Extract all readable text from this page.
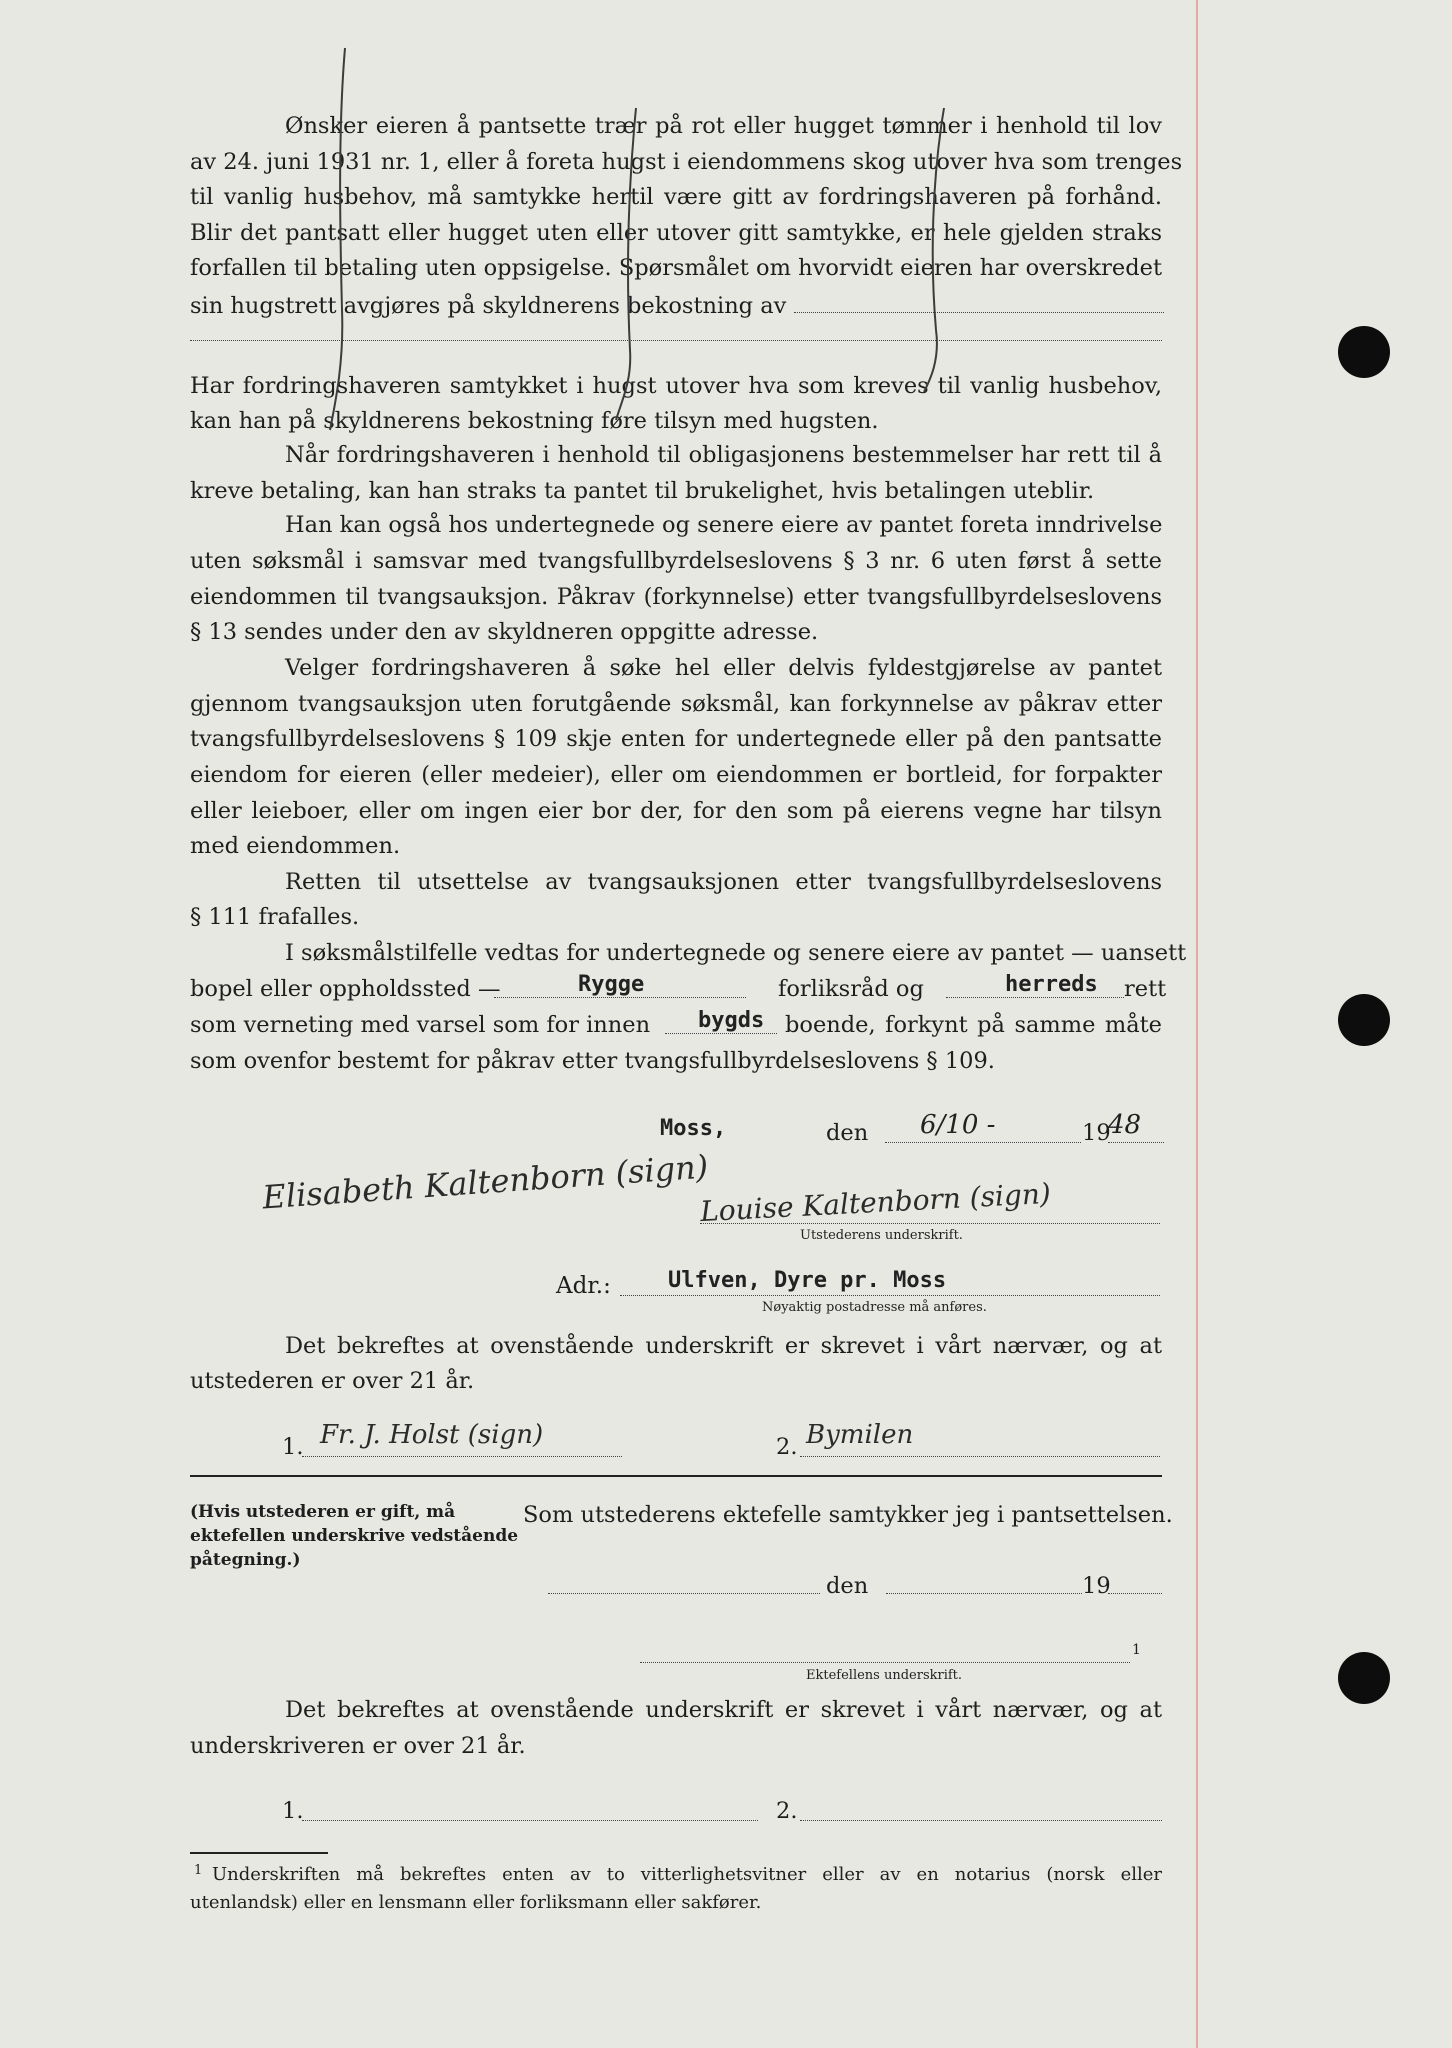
Ønsker eieren å pantsette trær på rot eller hugget tømmer i henhold til lov
av 24. juni 1931 nr. 1, eller å foreta hugst i eiendommens skog utover hva som trenges
til vanlig husbehov, må samtykke hertil være gitt av fordringshaveren på forhånd.
Blir det pantsatt eller hugget uten eller utover gitt samtykke, er hele gjelden straks
forfallen til betaling uten oppsigelse. Spørsmålet om hvorvidt eieren har overskredet
sin hugstrett avgjøres på skyldnerens bekostning av
Har fordringshaveren samtykket i hugst utover hva som kreves til vanlig husbehov,
kan han på skyldnerens bekostning føre tilsyn med hugsten.
Når fordringshaveren i henhold til obligasjonens bestemmelser har rett til å
kreve betaling, kan han straks ta pantet til brukelighet, hvis betalingen uteblir.
Han kan også hos undertegnede og senere eiere av pantet foreta inndrivelse
uten søksmål i samsvar med tvangsfullbyrdelseslovens § 3 nr. 6 uten først å sette
eiendommen til tvangsauksjon. Påkrav (forkynnelse) etter tvangsfullbyrdelseslovens
§ 13 sendes under den av skyldneren oppgitte adresse.
Velger fordringshaveren å søke hel eller delvis fyldestgjørelse av pantet
gjennom tvangsauksjon uten forutgående søksmål, kan forkynnelse av påkrav etter
tvangsfullbyrdelseslovens § 109 skje enten for undertegnede eller på den pantsatte
eiendom for eieren (eller medeier), eller om eiendommen er bortleid, for forpakter
eller leieboer, eller om ingen eier bor der, for den som på eierens vegne har tilsyn
med eiendommen.
Retten til utsettelse av tvangsauksjonen etter tvangsfullbyrdelseslovens
§ 111 frafalles.
I søksmålstilfelle vedtas for undertegnede og senere eiere av pantet — uansett
bopel eller oppholdssted —	Rygge	forliksråd og	herreds rett
som verneting med varsel som for innen bygds boende, forkynt på samme måte
som ovenfor bestemt for påkrav etter tvangsfullbyrdelseslovens § 109.
Moss,	den 6/10 -	19
48
Elisabeth Kaltenborn (sign)
Louise Kaltenborn (sign)
Utstederens underskrift.
Adr.:	Ulfven, Dyre pr. Moss
Nøyaktig postadresse må anføres.
Det bekreftes at ovenstående underskrift er skrevet i vårt nærvær, og at
utstederen er over 21 år.
1. Fr. J. Holst (sign)	2. Bymilen
(Hvis utstederen er gift, må ektefellen underskrive vedstående påtegning.)
Som utstederens ektefelle samtykker jeg i pantsettelsen.
den	19
1
Ektefellens underskrift.
Det bekreftes at ovenstående underskrift er skrevet i vårt nærvær, og at
underskriveren er over 21 år.
1.	2.
1 Underskriften må bekreftes enten av to vitterlighetsvitner eller av en notarius (norsk eller
utenlandsk) eller en lensmann eller forliksmann eller sakfører.
